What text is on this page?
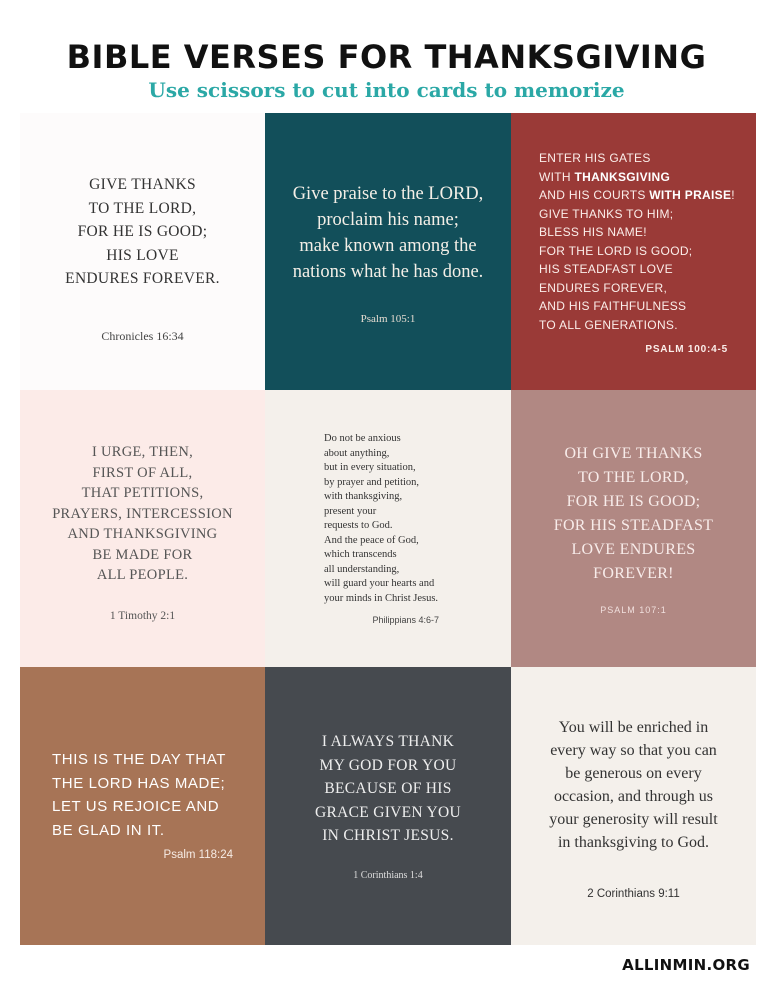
BIBLE VERSES FOR THANKSGIVING
Use scissors to cut into cards to memorize
GIVE THANKS
TO THE LORD,
FOR HE IS GOOD;
HIS LOVE
ENDURES FOREVER.
Chronicles 16:34
Give praise to the LORD,
proclaim his name;
make known among the
nations what he has done.
Psalm 105:1
ENTER HIS GATES
WITH THANKSGIVING
AND HIS COURTS WITH PRAISE!
GIVE THANKS TO HIM;
BLESS HIS NAME!
FOR THE LORD IS GOOD;
HIS STEADFAST LOVE
ENDURES FOREVER,
AND HIS FAITHFULNESS
TO ALL GENERATIONS.
PSALM 100:4-5
I URGE, THEN,
FIRST OF ALL,
THAT PETITIONS,
PRAYERS, INTERCESSION
AND THANKSGIVING
BE MADE FOR
ALL PEOPLE.
1 Timothy 2:1
Do not be anxious
about anything,
but in every situation,
by prayer and petition,
with thanksgiving,
present your
requests to God.
And the peace of God,
which transcends
all understanding,
will guard your hearts and
your minds in Christ Jesus.
Philippians 4:6-7
OH GIVE THANKS
TO THE LORD,
FOR HE IS GOOD;
FOR HIS STEADFAST
LOVE ENDURES
FOREVER!
PSALM 107:1
THIS IS THE DAY THAT
THE LORD HAS MADE;
LET US REJOICE AND
BE GLAD IN IT.
Psalm 118:24
I ALWAYS THANK
MY GOD FOR YOU
BECAUSE OF HIS
GRACE GIVEN YOU
IN CHRIST JESUS.
1 Corinthians 1:4
You will be enriched in
every way so that you can
be generous on every
occasion, and through us
your generosity will result
in thanksgiving to God.
2 Corinthians 9:11
ALLINMIN.ORG
